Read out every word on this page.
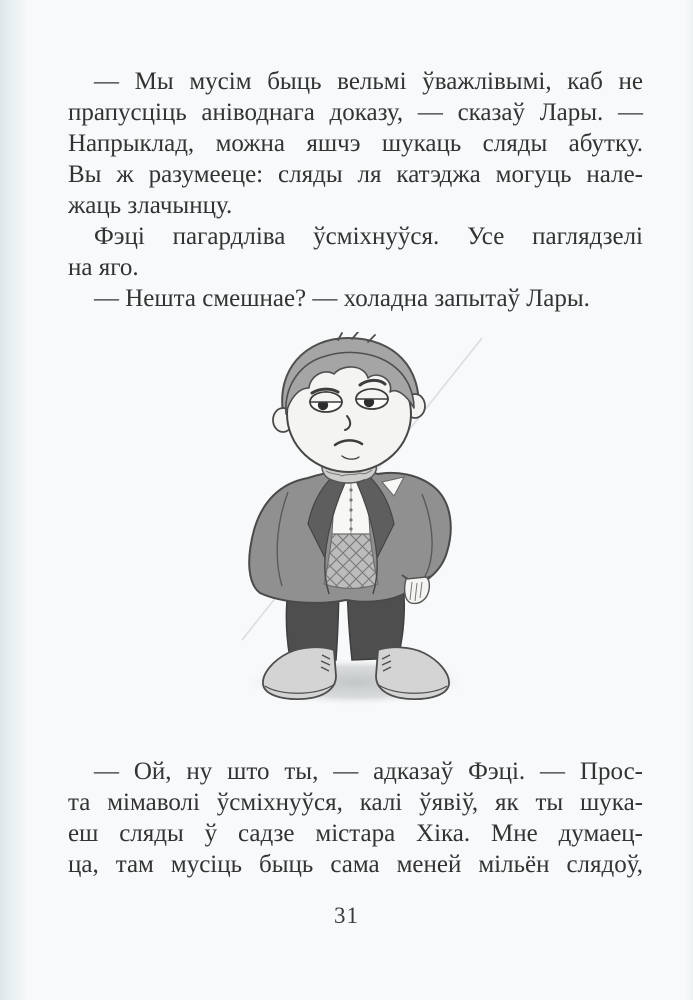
— Мы мусім быць вельмі ўважлівымі, каб не
прапусціць аніводнага доказу, — сказаў Лары. —
Напрыклад, можна яшчэ шукаць сляды абутку.
Вы ж разумееце: сляды ля катэджа могуць нале-
жаць злачынцу.
Фэці пагардліва ўсміхнуўся. Усе паглядзелі
на яго.
— Нешта смешнае? — холадна запытаў Лары.
— Ой, ну што ты, — адказаў Фэці. — Прос-
та мімаволі ўсміхнуўся, калі ўявіў, як ты шука-
еш сляды ў садзе містара Хіка. Мне думаец-
ца, там мусіць быць сама меней мільён слядоў,
31
